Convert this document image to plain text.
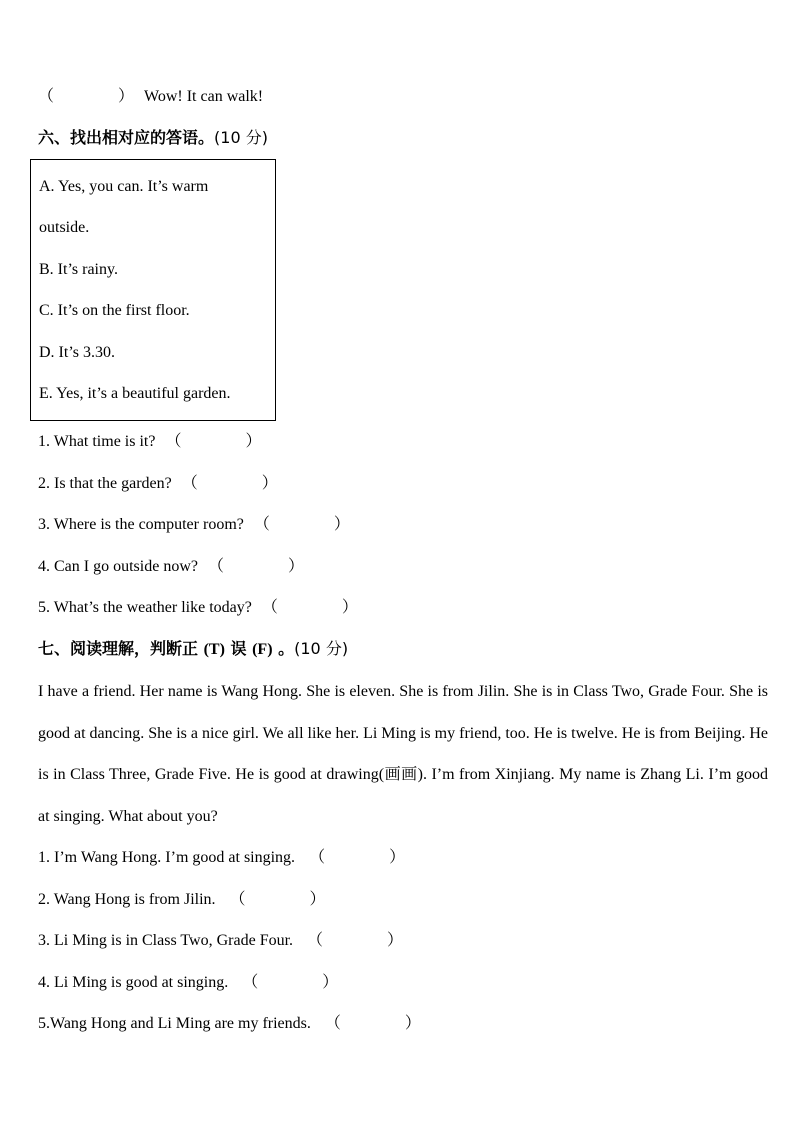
（　　　　） Wow! It can walk!
六、找出相对应的答语。(10 分)
A. Yes, you can. It’s warm
outside.
B. It’s rainy.
C. It’s on the first floor.
D. It’s 3.30.
E. Yes, it’s a beautiful garden.
1. What time is it? （　　　　）
2. Is that the garden? （　　　　）
3. Where is the computer room? （　　　　）
4. Can I go outside now? （　　　　）
5. What’s the weather like today? （　　　　）
七、阅读理解，判断正 (T) 误 (F) 。(10 分)

I have a friend. Her name is Wang Hong. She is eleven. She is from Jilin. She is in Class Two, Grade Four. She is good at dancing. She is a nice girl. We all like her. Li Ming is my friend, too. He is twelve. He is from Beijing. He is in Class Three, Grade Five. He is good at drawing(画画). I’m from Xinjiang. My name is Zhang Li. I’m good at singing. What about you?

1. I’m Wang Hong. I’m good at singing. （　　　　）
2. Wang Hong is from Jilin. （　　　　）
3. Li Ming is in Class Two, Grade Four. （　　　　）
4. Li Ming is good at singing. （　　　　）
5.Wang Hong and Li Ming are my friends. （　　　　）
